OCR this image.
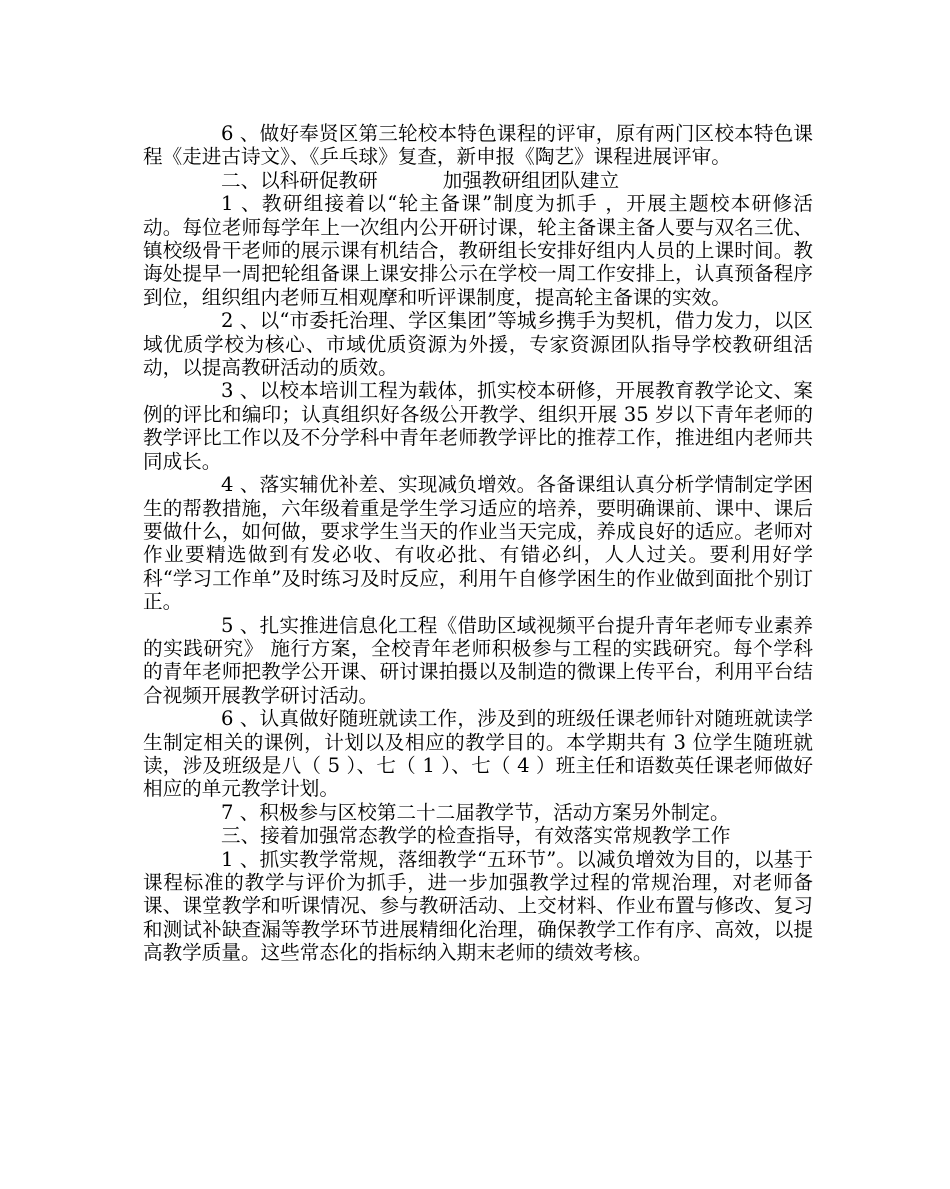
6 、做好奉贤区第三轮校本特色课程的评审，原有两门区校本特色课程《走进古诗文》、《乒乓球》复查，新申报《陶艺》课程进展评审。

二、以科研促教研　　　 加强教研组团队建立

1 、教研组接着以“轮主备课”制度为抓手 ，开展主题校本研修活动。每位老师每学年上一次组内公开研讨课，轮主备课主备人要与双名三优、镇校级骨干老师的展示课有机结合，教研组长安排好组内人员的上课时间。教诲处提早一周把轮组备课上课安排公示在学校一周工作安排上，认真预备程序到位，组织组内老师互相观摩和听评课制度，提高轮主备课的实效。

2 、以“市委托治理、学区集团”等城乡携手为契机，借力发力，以区域优质学校为核心、市域优质资源为外援，专家资源团队指导学校教研组活动，以提高教研活动的质效。

3 、以校本培训工程为载体，抓实校本研修，开展教育教学论文、案例的评比和编印；认真组织好各级公开教学、组织开展 35 岁以下青年老师的教学评比工作以及不分学科中青年老师教学评比的推荐工作，推进组内老师共同成长。

4 、落实辅优补差、实现减负增效。各备课组认真分析学情制定学困生的帮教措施，六年级着重是学生学习适应的培养，要明确课前、课中、课后要做什么，如何做，要求学生当天的作业当天完成，养成良好的适应。老师对作业要精选做到有发必收、有收必批、有错必纠，人人过关。要利用好学科“学习工作单”及时练习及时反应，利用午自修学困生的作业做到面批个别订正。

5 、扎实推进信息化工程《借助区域视频平台提升青年老师专业素养的实践研究》 施行方案，全校青年老师积极参与工程的实践研究。每个学科的青年老师把教学公开课、研讨课拍摄以及制造的微课上传平台，利用平台结合视频开展教学研讨活动。

6 、认真做好随班就读工作，涉及到的班级任课老师针对随班就读学生制定相关的课例，计划以及相应的教学目的。本学期共有 3 位学生随班就读，涉及班级是八（ 5 ）、七（ 1 ）、七（ 4 ）班主任和语数英任课老师做好相应的单元教学计划。

7 、积极参与区校第二十二届教学节，活动方案另外制定。

三、接着加强常态教学的检查指导，有效落实常规教学工作

1 、抓实教学常规，落细教学“五环节”。以减负增效为目的，以基于课程标准的教学与评价为抓手，进一步加强教学过程的常规治理，对老师备课、课堂教学和听课情况、参与教研活动、上交材料、作业布置与修改、复习和测试补缺查漏等教学环节进展精细化治理，确保教学工作有序、高效，以提高教学质量。这些常态化的指标纳入期末老师的绩效考核。
